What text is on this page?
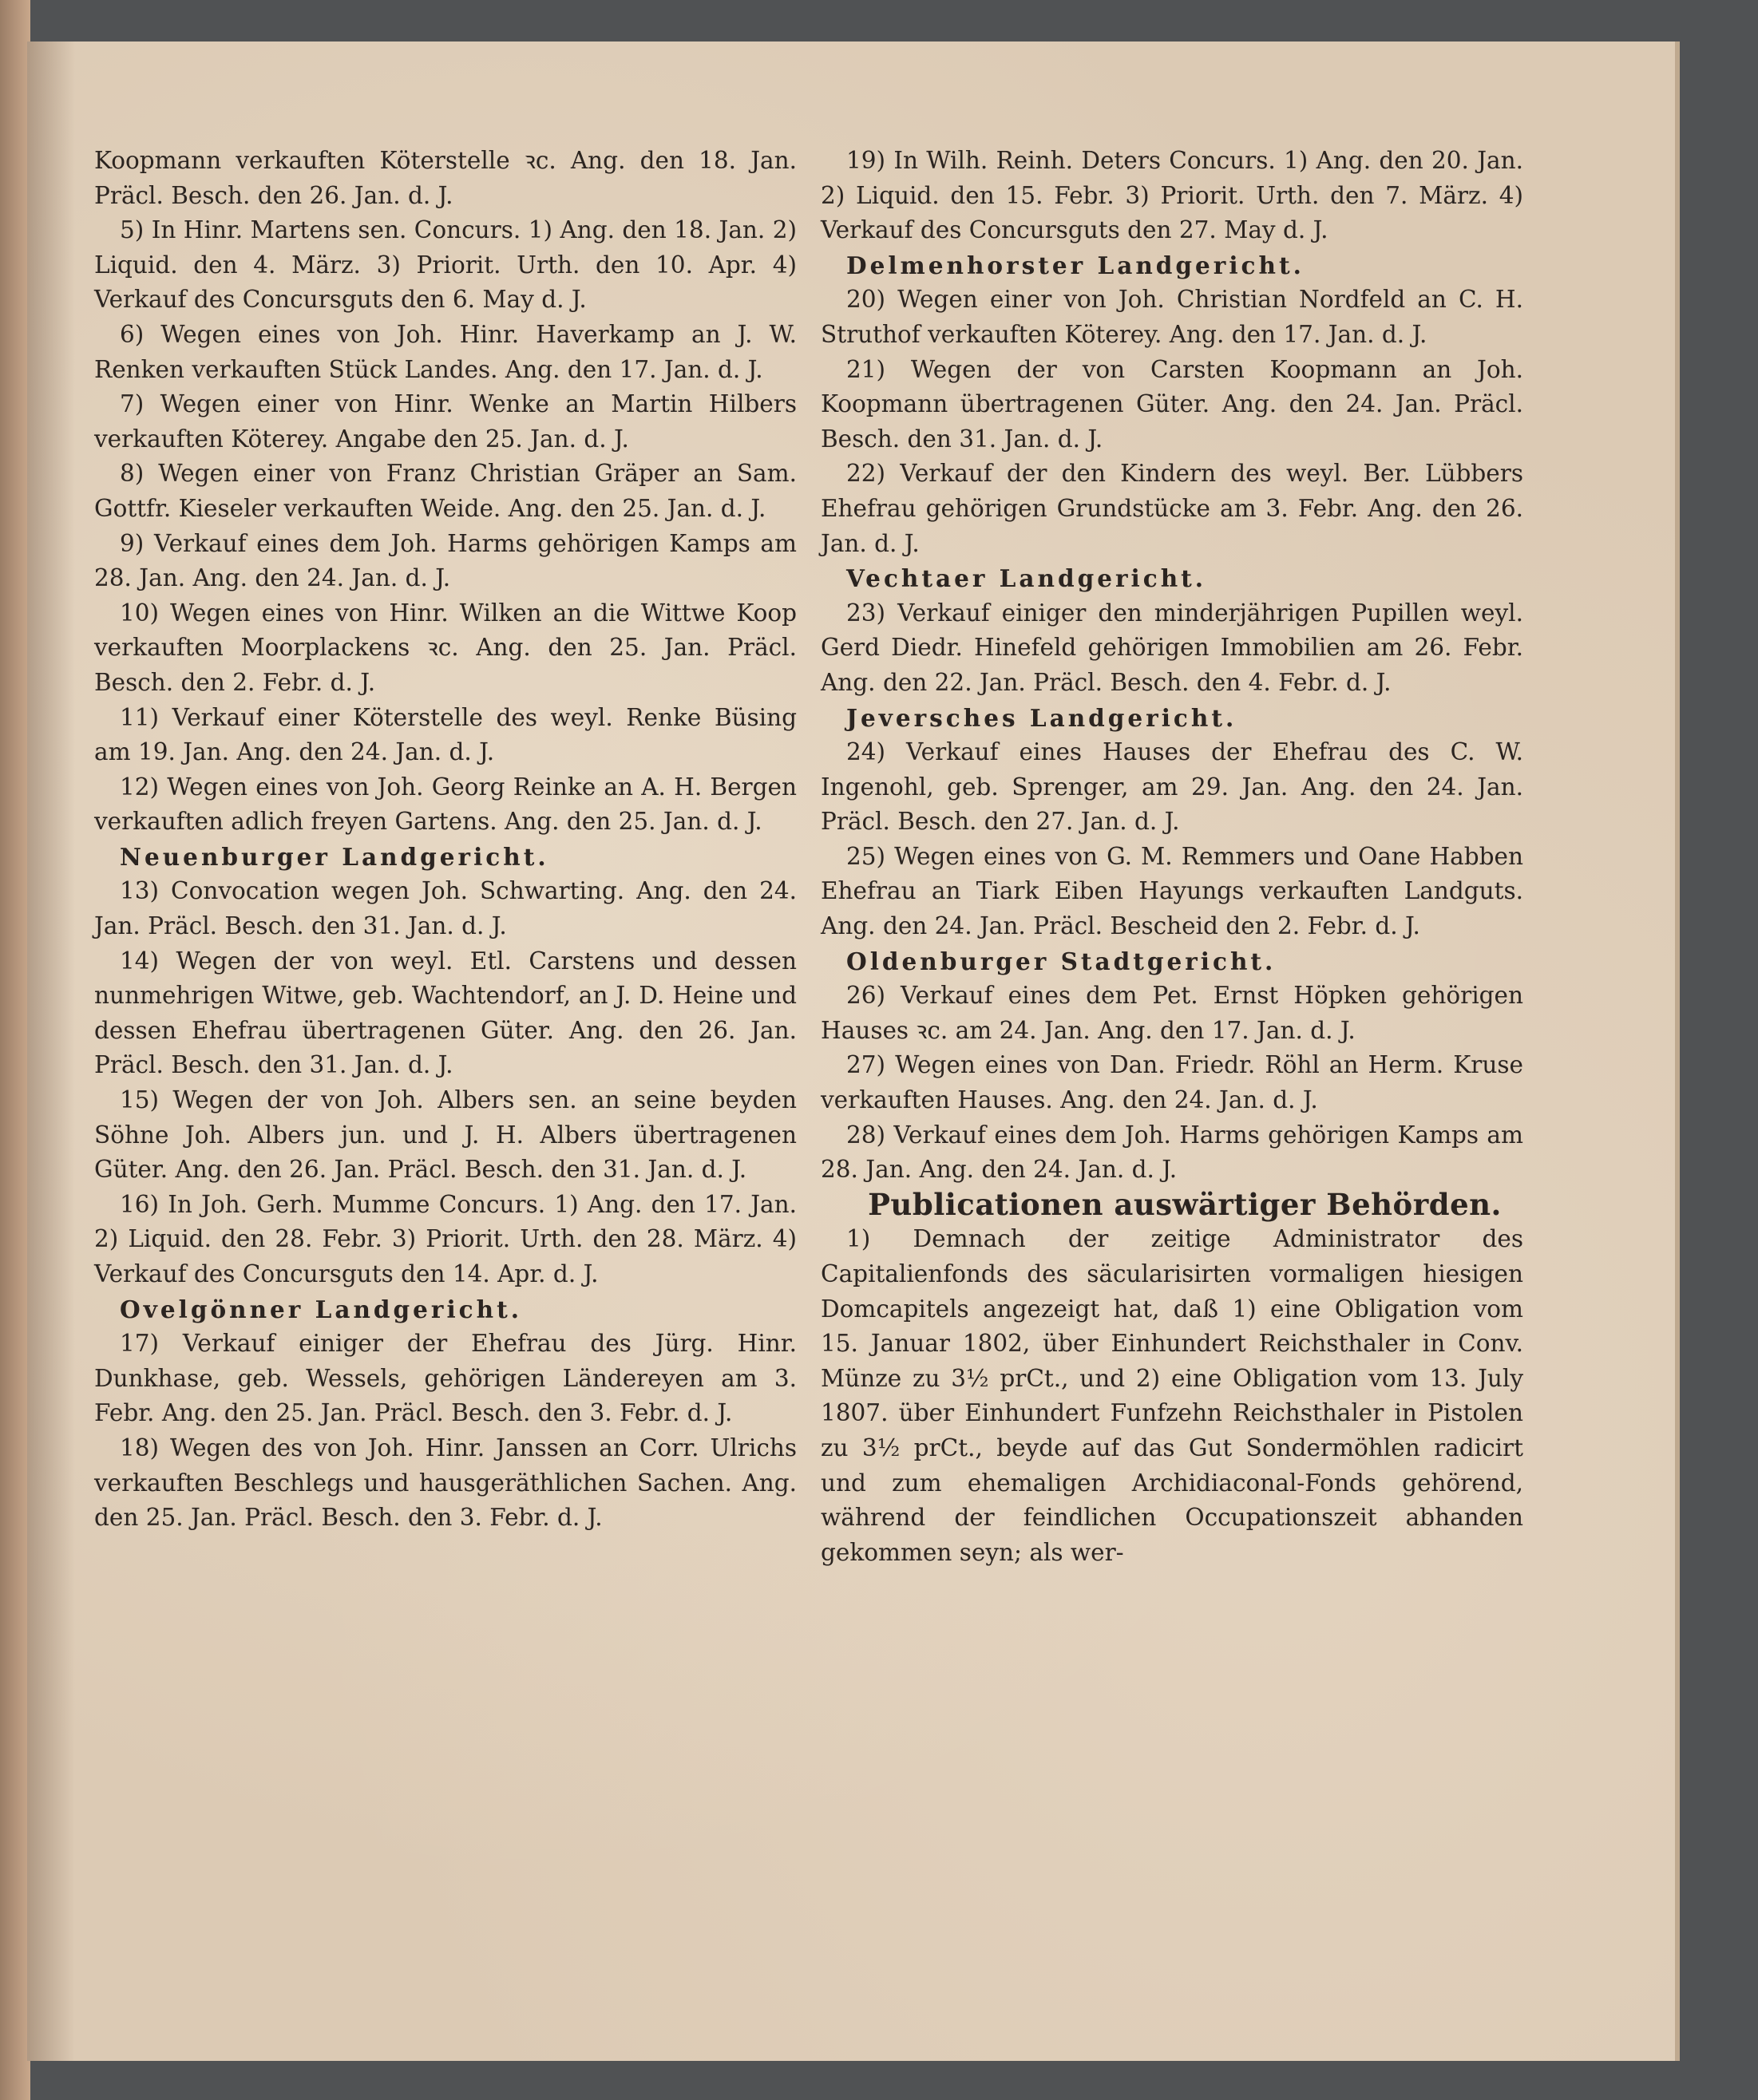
Koopmann verkauften Köterstelle ꝛc. Ang. den 18. Jan. Präcl. Besch. den 26. Jan. d. J.

5) In Hinr. Martens sen. Concurs. 1) Ang. den 18. Jan. 2) Liquid. den 4. März. 3) Priorit. Urth. den 10. Apr. 4) Verkauf des Concursguts den 6. May d. J.

6) Wegen eines von Joh. Hinr. Haverkamp an J. W. Renken verkauften Stück Landes. Ang. den 17. Jan. d. J.

7) Wegen einer von Hinr. Wenke an Martin Hilbers verkauften Köterey. Angabe den 25. Jan. d. J.

8) Wegen einer von Franz Christian Gräper an Sam. Gottfr. Kieseler verkauften Weide. Ang. den 25. Jan. d. J.

9) Verkauf eines dem Joh. Harms gehörigen Kamps am 28. Jan. Ang. den 24. Jan. d. J.

10) Wegen eines von Hinr. Wilken an die Wittwe Koop verkauften Moorplackens ꝛc. Ang. den 25. Jan. Präcl. Besch. den 2. Febr. d. J.

11) Verkauf einer Köterstelle des weyl. Renke Büsing am 19. Jan. Ang. den 24. Jan. d. J.

12) Wegen eines von Joh. Georg Reinke an A. H. Bergen verkauften adlich freyen Gartens. Ang. den 25. Jan. d. J.

Neuenburger Landgericht.

13) Convocation wegen Joh. Schwarting. Ang. den 24. Jan. Präcl. Besch. den 31. Jan. d. J.

14) Wegen der von weyl. Etl. Carstens und dessen nunmehrigen Witwe, geb. Wachtendorf, an J. D. Heine und dessen Ehefrau übertragenen Güter. Ang. den 26. Jan. Präcl. Besch. den 31. Jan. d. J.

15) Wegen der von Joh. Albers sen. an seine beyden Söhne Joh. Albers jun. und J. H. Albers übertragenen Güter. Ang. den 26. Jan. Präcl. Besch. den 31. Jan. d. J.

16) In Joh. Gerh. Mumme Concurs. 1) Ang. den 17. Jan. 2) Liquid. den 28. Febr. 3) Priorit. Urth. den 28. März. 4) Verkauf des Concursguts den 14. Apr. d. J.

Ovelgönner Landgericht.

17) Verkauf einiger der Ehefrau des Jürg. Hinr. Dunkhase, geb. Wessels, gehörigen Ländereyen am 3. Febr. Ang. den 25. Jan. Präcl. Besch. den 3. Febr. d. J.

18) Wegen des von Joh. Hinr. Janssen an Corr. Ulrichs verkauften Beschlegs und hausgeräthlichen Sachen. Ang. den 25. Jan. Präcl. Besch. den 3. Febr. d. J.

19) In Wilh. Reinh. Deters Concurs. 1) Ang. den 20. Jan. 2) Liquid. den 15. Febr. 3) Priorit. Urth. den 7. März. 4) Verkauf des Concursguts den 27. May d. J.

Delmenhorster Landgericht.

20) Wegen einer von Joh. Christian Nordfeld an C. H. Struthof verkauften Köterey. Ang. den 17. Jan. d. J.

21) Wegen der von Carsten Koopmann an Joh. Koopmann übertragenen Güter. Ang. den 24. Jan. Präcl. Besch. den 31. Jan. d. J.

22) Verkauf der den Kindern des weyl. Ber. Lübbers Ehefrau gehörigen Grundstücke am 3. Febr. Ang. den 26. Jan. d. J.

Vechtaer Landgericht.

23) Verkauf einiger den minderjährigen Pupillen weyl. Gerd Diedr. Hinefeld gehörigen Immobilien am 26. Febr. Ang. den 22. Jan. Präcl. Besch. den 4. Febr. d. J.

Jeversches Landgericht.

24) Verkauf eines Hauses der Ehefrau des C. W. Ingenohl, geb. Sprenger, am 29. Jan. Ang. den 24. Jan. Präcl. Besch. den 27. Jan. d. J.

25) Wegen eines von G. M. Remmers und Oane Habben Ehefrau an Tiark Eiben Hayungs verkauften Landguts. Ang. den 24. Jan. Präcl. Bescheid den 2. Febr. d. J.

Oldenburger Stadtgericht.

26) Verkauf eines dem Pet. Ernst Höpken gehörigen Hauses ꝛc. am 24. Jan. Ang. den 17. Jan. d. J.

27) Wegen eines von Dan. Friedr. Röhl an Herm. Kruse verkauften Hauses. Ang. den 24. Jan. d. J.

28) Verkauf eines dem Joh. Harms gehörigen Kamps am 28. Jan. Ang. den 24. Jan. d. J.

Publicationen auswärtiger Behörden.

1) Demnach der zeitige Administrator des Capitalienfonds des säcularisirten vormaligen hiesigen Domcapitels angezeigt hat, daß 1) eine Obligation vom 15. Januar 1802, über Einhundert Reichsthaler in Conv. Münze zu 3½ prCt., und 2) eine Obligation vom 13. July 1807. über Einhundert Funfzehn Reichsthaler in Pistolen zu 3½ prCt., beyde auf das Gut Sondermöhlen radicirt und zum ehemaligen Archidiaconal-Fonds gehörend, während der feindlichen Occupationszeit abhanden gekommen seyn; als wer-
